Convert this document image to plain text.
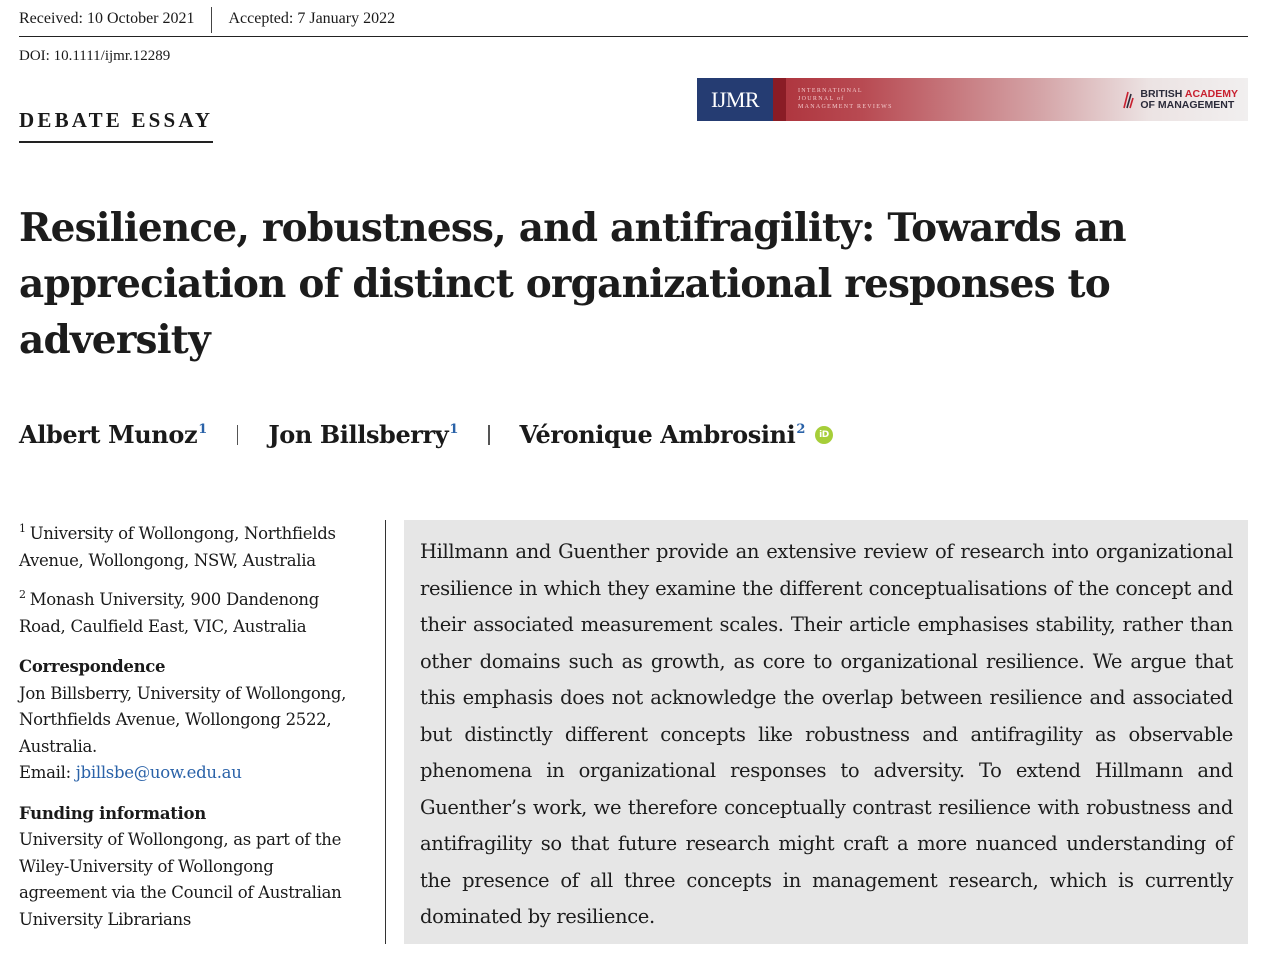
Received: 10 October 2021	Accepted: 7 January 2022
DOI: 10.1111/ijmr.12289
DEBATE ESSAY
IJMR	INTERNATIONAL
JOURNAL of
MANAGEMENT REVIEWS
BRITISH ACADEMY
OF MANAGEMENT
Resilience, robustness, and antifragility: Towards an appreciation of distinct organizational responses to adversity
Albert Munoz$^1$	Jon Billsberry$^1$	Véronique Ambrosini$^2$	iD
$^1$ University of Wollongong, Northfields Avenue, Wollongong, NSW, Australia
$^2$ Monash University, 900 Dandenong Road, Caulfield East, VIC, Australia
Correspondence
Jon Billsberry, University of Wollongong, Northfields Avenue, Wollongong 2522, Australia.
Email: jbillsbe@uow.edu.au
Funding information
University of Wollongong, as part of the Wiley-University of Wollongong agreement via the Council of Australian University Librarians

Hillmann and Guenther provide an extensive review of research into organizational resilience in which they examine the different conceptualisations of the concept and their associated measurement scales. Their article emphasises stability, rather than other domains such as growth, as core to organizational resilience. We argue that this emphasis does not acknowledge the overlap between resilience and associated but distinctly different concepts like robustness and antifragility as observable phenomena in organizational responses to adversity. To extend Hillmann and Guenther’s work, we therefore conceptually contrast resilience with robustness and antifragility so that future research might craft a more nuanced understanding of the presence of all three concepts in management research, which is currently dominated by resilience.
